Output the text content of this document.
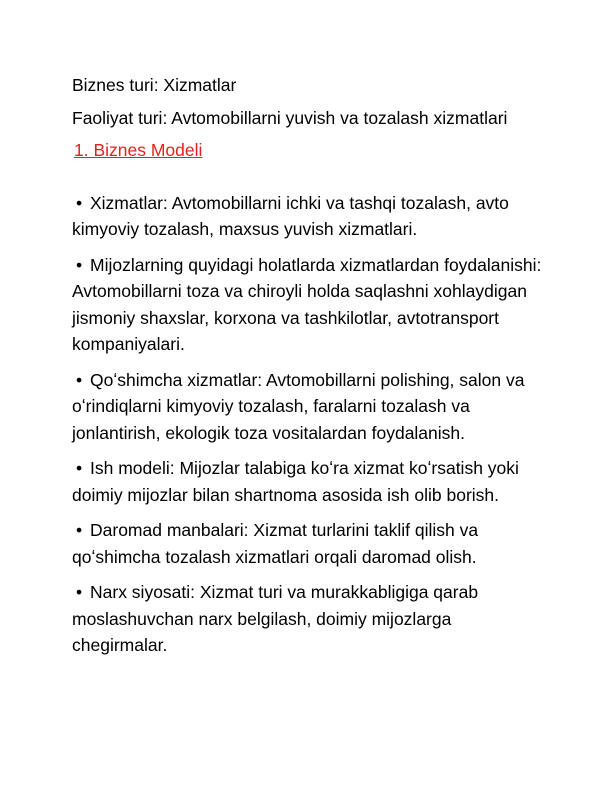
Biznes turi: Xizmatlar

Faoliyat turi: Avtomobillarni yuvish va tozalash xizmatlari

1. Biznes Modeli
• Xizmatlar: Avtomobillarni ichki va tashqi tozalash, avto kimyoviy tozalash, maxsus yuvish xizmatlari.
• Mijozlarning quyidagi holatlarda xizmatlardan foydalanishi: Avtomobillarni toza va chiroyli holda saqlashni xohlaydigan jismoniy shaxslar, korxona va tashkilotlar, avtotransport kompaniyalari.
• Qoʻshimcha xizmatlar: Avtomobillarni polishing, salon va oʻrindiqlarni kimyoviy tozalash, faralarni tozalash va jonlantirish, ekologik toza vositalardan foydalanish.
• Ish modeli: Mijozlar talabiga koʻra xizmat koʻrsatish yoki doimiy mijozlar bilan shartnoma asosida ish olib borish.
• Daromad manbalari: Xizmat turlarini taklif qilish va qoʻshimcha tozalash xizmatlari orqali daromad olish.
• Narx siyosati: Xizmat turi va murakkabligiga qarab moslashuvchan narx belgilash, doimiy mijozlarga chegirmalar.
